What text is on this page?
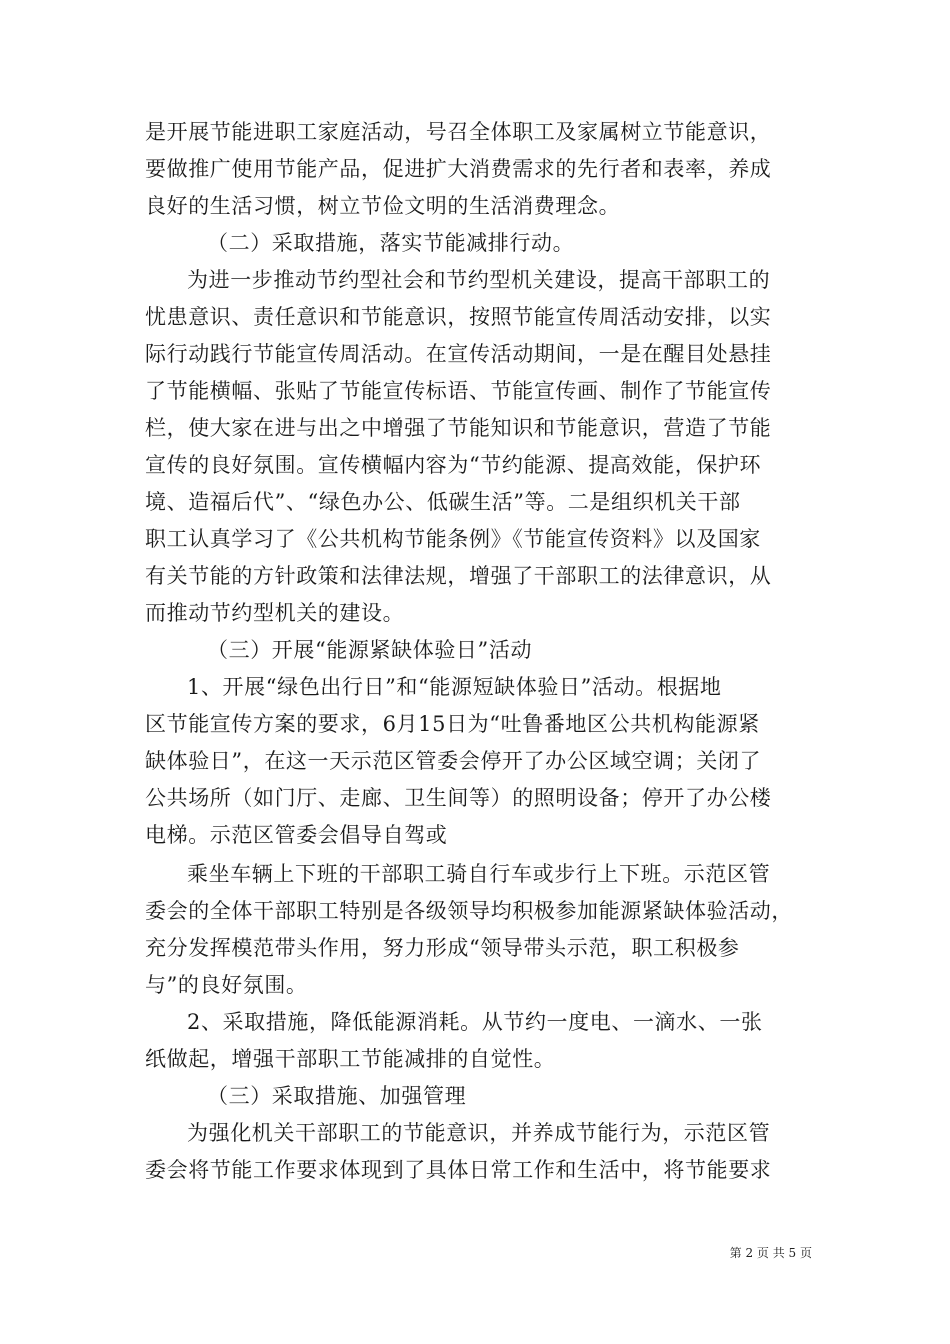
是开展节能进职工家庭活动，号召全体职工及家属树立节能意识，
要做推广使用节能产品，促进扩大消费需求的先行者和表率，养成
良好的生活习惯，树立节俭文明的生活消费理念。
（二）采取措施，落实节能减排行动。
为进一步推动节约型社会和节约型机关建设，提高干部职工的
忧患意识、责任意识和节能意识，按照节能宣传周活动安排，以实
际行动践行节能宣传周活动。在宣传活动期间，一是在醒目处悬挂
了节能横幅、张贴了节能宣传标语、节能宣传画、制作了节能宣传
栏，使大家在进与出之中增强了节能知识和节能意识，营造了节能
宣传的良好氛围。宣传横幅内容为“节约能源、提高效能，保护环
境、造福后代”、“绿色办公、低碳生活”等。二是组织机关干部
职工认真学习了《公共机构节能条例》《节能宣传资料》以及国家
有关节能的方针政策和法律法规，增强了干部职工的法律意识，从
而推动节约型机关的建设。
（三）开展“能源紧缺体验日”活动
1、开展“绿色出行日”和“能源短缺体验日”活动。根据地
区节能宣传方案的要求，6月15日为“吐鲁番地区公共机构能源紧
缺体验日”，在这一天示范区管委会停开了办公区域空调；关闭了
公共场所（如门厅、走廊、卫生间等）的照明设备；停开了办公楼
电梯。示范区管委会倡导自驾或
乘坐车辆上下班的干部职工骑自行车或步行上下班。示范区管
委会的全体干部职工特别是各级领导均积极参加能源紧缺体验活动，
充分发挥模范带头作用，努力形成“领导带头示范，职工积极参
与”的良好氛围。
2、采取措施，降低能源消耗。从节约一度电、一滴水、一张
纸做起，增强干部职工节能减排的自觉性。
（三）采取措施、加强管理
为强化机关干部职工的节能意识，并养成节能行为，示范区管
委会将节能工作要求体现到了具体日常工作和生活中，将节能要求
第 2 页 共 5 页
